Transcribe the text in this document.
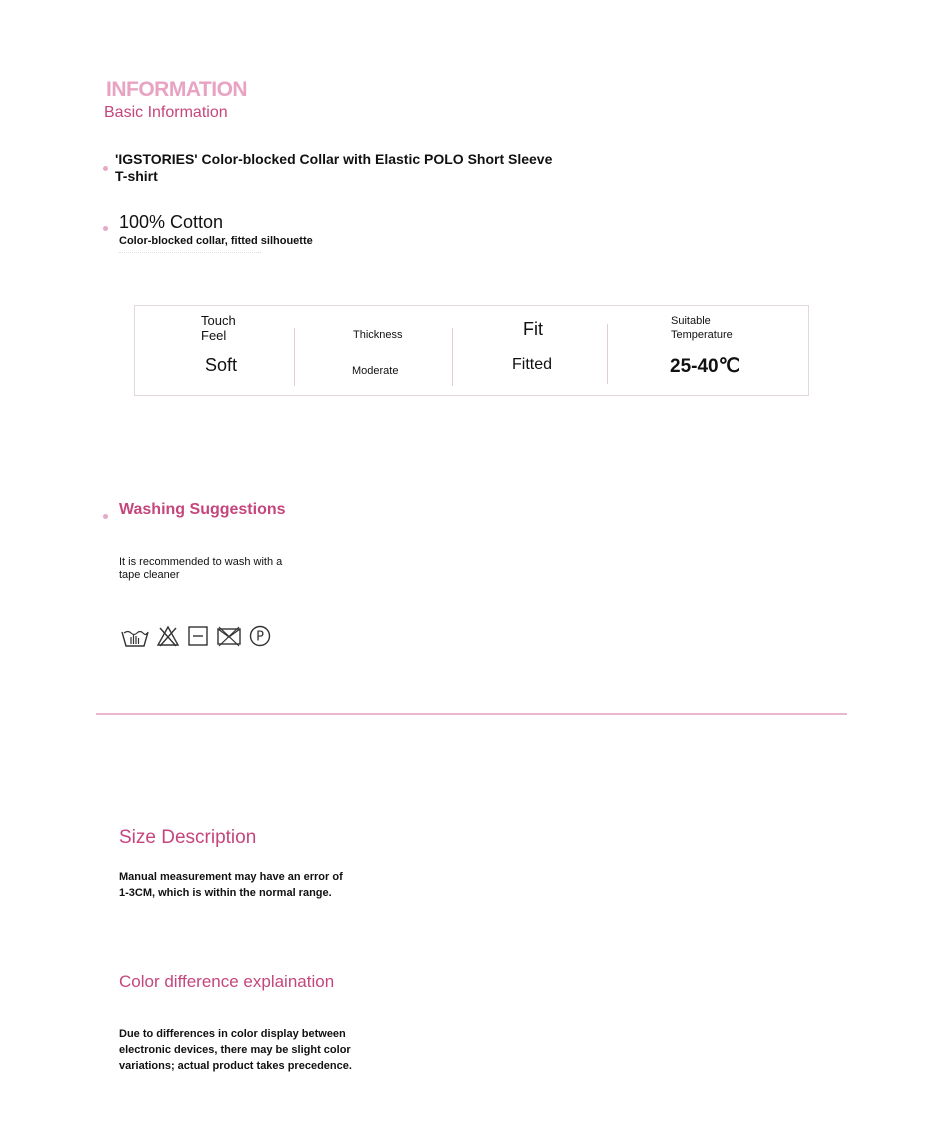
INFORMATION
Basic Information
'IGSTORIES' Color-blocked Collar with Elastic POLO Short Sleeve T-shirt
100% Cotton
Color-blocked collar, fitted silhouette
Touch Feel
Soft
Thickness
Moderate
Fit
Fitted
Suitable Temperature
25-40℃
Washing Suggestions
It is recommended to wash with a tape cleaner
P
Size Description
Manual measurement may have an error of 1-3CM, which is within the normal range.
Color difference explaination
Due to differences in color display between electronic devices, there may be slight color variations; actual product takes precedence.
